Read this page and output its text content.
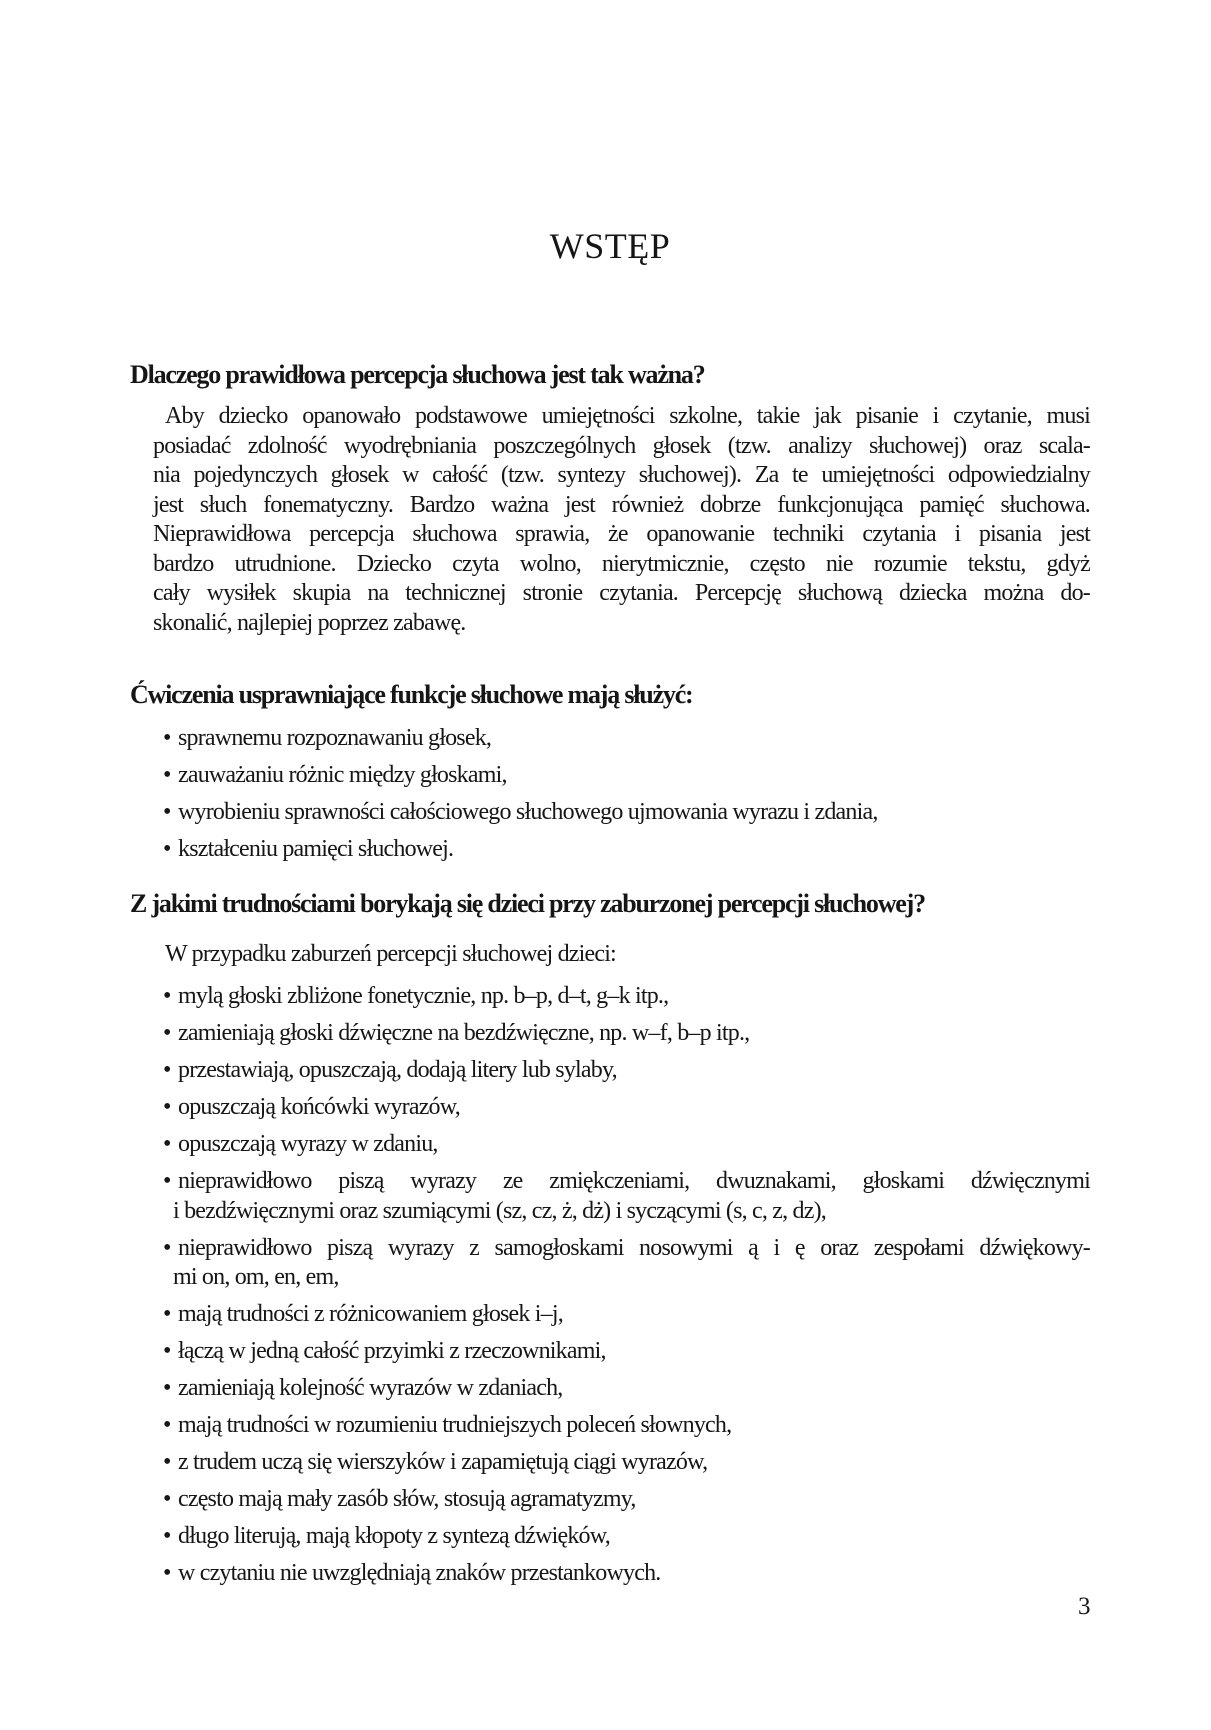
WSTĘP
Dlaczego prawidłowa percepcja słuchowa jest tak ważna?
Aby dziecko opanowało podstawowe umiejętności szkolne, takie jak pisanie i czytanie, musi
posiadać zdolność wyodrębniania poszczególnych głosek (tzw. analizy słuchowej) oraz scala-
nia pojedynczych głosek w całość (tzw. syntezy słuchowej). Za te umiejętności odpowiedzialny
jest słuch fonematyczny. Bardzo ważna jest również dobrze funkcjonująca pamięć słuchowa.
Nieprawidłowa percepcja słuchowa sprawia, że opanowanie techniki czytania i pisania jest
bardzo utrudnione. Dziecko czyta wolno, nierytmicznie, często nie rozumie tekstu, gdyż
cały wysiłek skupia na technicznej stronie czytania. Percepcję słuchową dziecka można do-
skonalić, najlepiej poprzez zabawę.
Ćwiczenia usprawniające funkcje słuchowe mają służyć:
• sprawnemu rozpoznawaniu głosek,
• zauważaniu różnic między głoskami,
• wyrobieniu sprawności całościowego słuchowego ujmowania wyrazu i zdania,
• kształceniu pamięci słuchowej.
Z jakimi trudnościami borykają się dzieci przy zaburzonej percepcji słuchowej?
W przypadku zaburzeń percepcji słuchowej dzieci:
• mylą głoski zbliżone fonetycznie, np. b–p, d–t, g–k itp.,
• zamieniają głoski dźwięczne na bezdźwięczne, np. w–f, b–p itp.,
• przestawiają, opuszczają, dodają litery lub sylaby,
• opuszczają końcówki wyrazów,
• opuszczają wyrazy w zdaniu,
• nieprawidłowo piszą wyrazy ze zmiękczeniami, dwuznakami, głoskami dźwięcznymi
i bezdźwięcznymi oraz szumiącymi (sz, cz, ż, dż) i syczącymi (s, c, z, dz),
• nieprawidłowo piszą wyrazy z samogłoskami nosowymi ą i ę oraz zespołami dźwiękowy-
mi on, om, en, em,
• mają trudności z różnicowaniem głosek i–j,
• łączą w jedną całość przyimki z rzeczownikami,
• zamieniają kolejność wyrazów w zdaniach,
• mają trudności w rozumieniu trudniejszych poleceń słownych,
• z trudem uczą się wierszyków i zapamiętują ciągi wyrazów,
• często mają mały zasób słów, stosują agramatyzmy,
• długo literują, mają kłopoty z syntezą dźwięków,
• w czytaniu nie uwzględniają znaków przestankowych.
3
